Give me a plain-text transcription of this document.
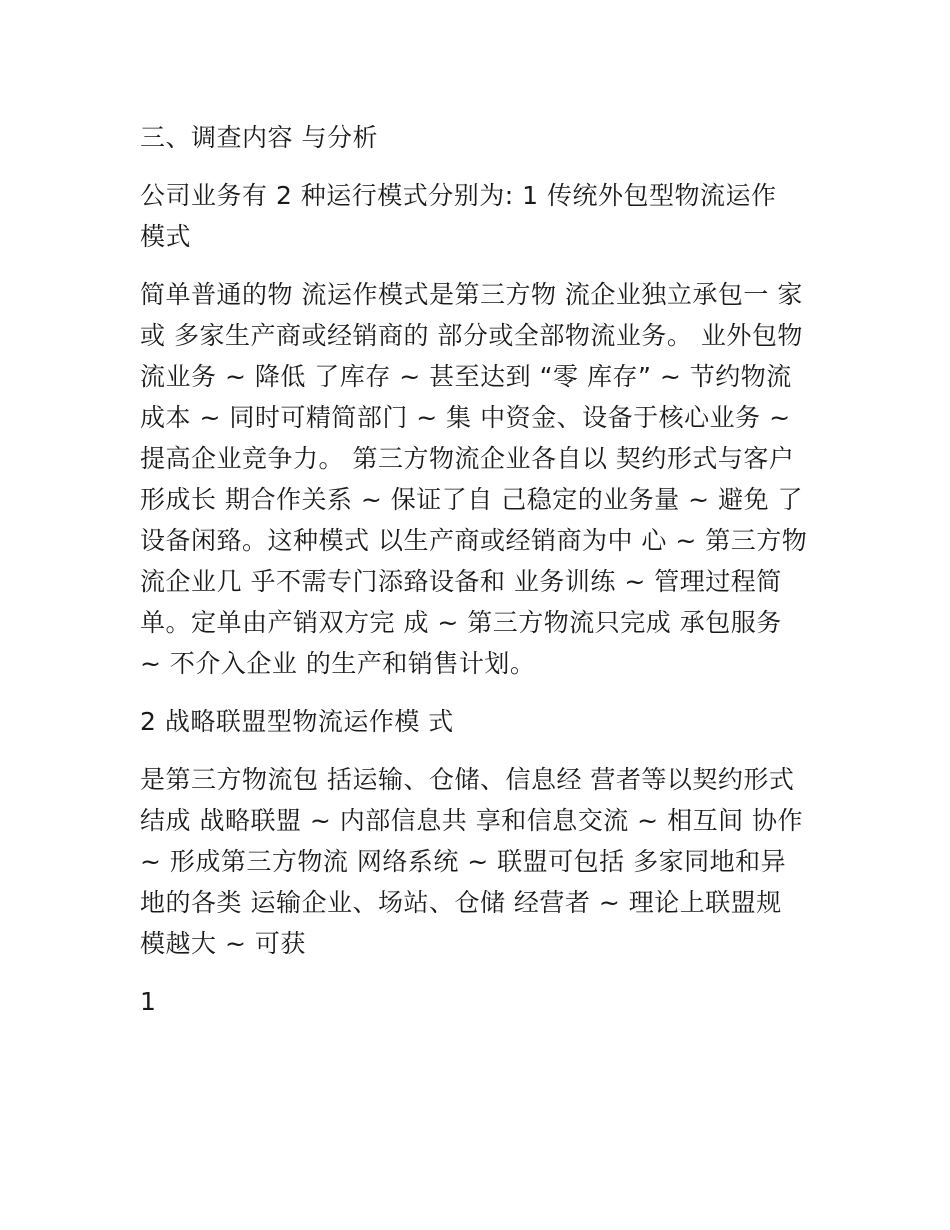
三、调查内容 与分析

公司业务有 2 种运行模式分别为: 1 传统外包型物流运作 模式

简单普通的物 流运作模式是第三方物 流企业独立承包一 家或 多家生产商或经销商的 部分或全部物流业务。 业外包物流业务 ~ 降低 了库存 ~ 甚至达到 “零 库存” ~ 节约物流成本 ~ 同时可精简部门 ~ 集 中资金、设备于核心业务 ~ 提高企业竞争力。 第三方物流企业各自以 契约形式与客户形成长 期合作关系 ~ 保证了自 己稳定的业务量 ~ 避免 了设备闲臵。这种模式 以生产商或经销商为中 心 ~ 第三方物流企业几 乎不需专门添臵设备和 业务训练 ~ 管理过程简 单。定单由产销双方完 成 ~ 第三方物流只完成 承包服务 ~ 不介入企业 的生产和销售计划。

2 战略联盟型物流运作模 式

是第三方物流包 括运输、仓储、信息经 营者等以契约形式结成 战略联盟 ~ 内部信息共 享和信息交流 ~ 相互间 协作 ~ 形成第三方物流 网络系统 ~ 联盟可包括 多家同地和异地的各类 运输企业、场站、仓储 经营者 ~ 理论上联盟规 模越大 ~ 可获

1
